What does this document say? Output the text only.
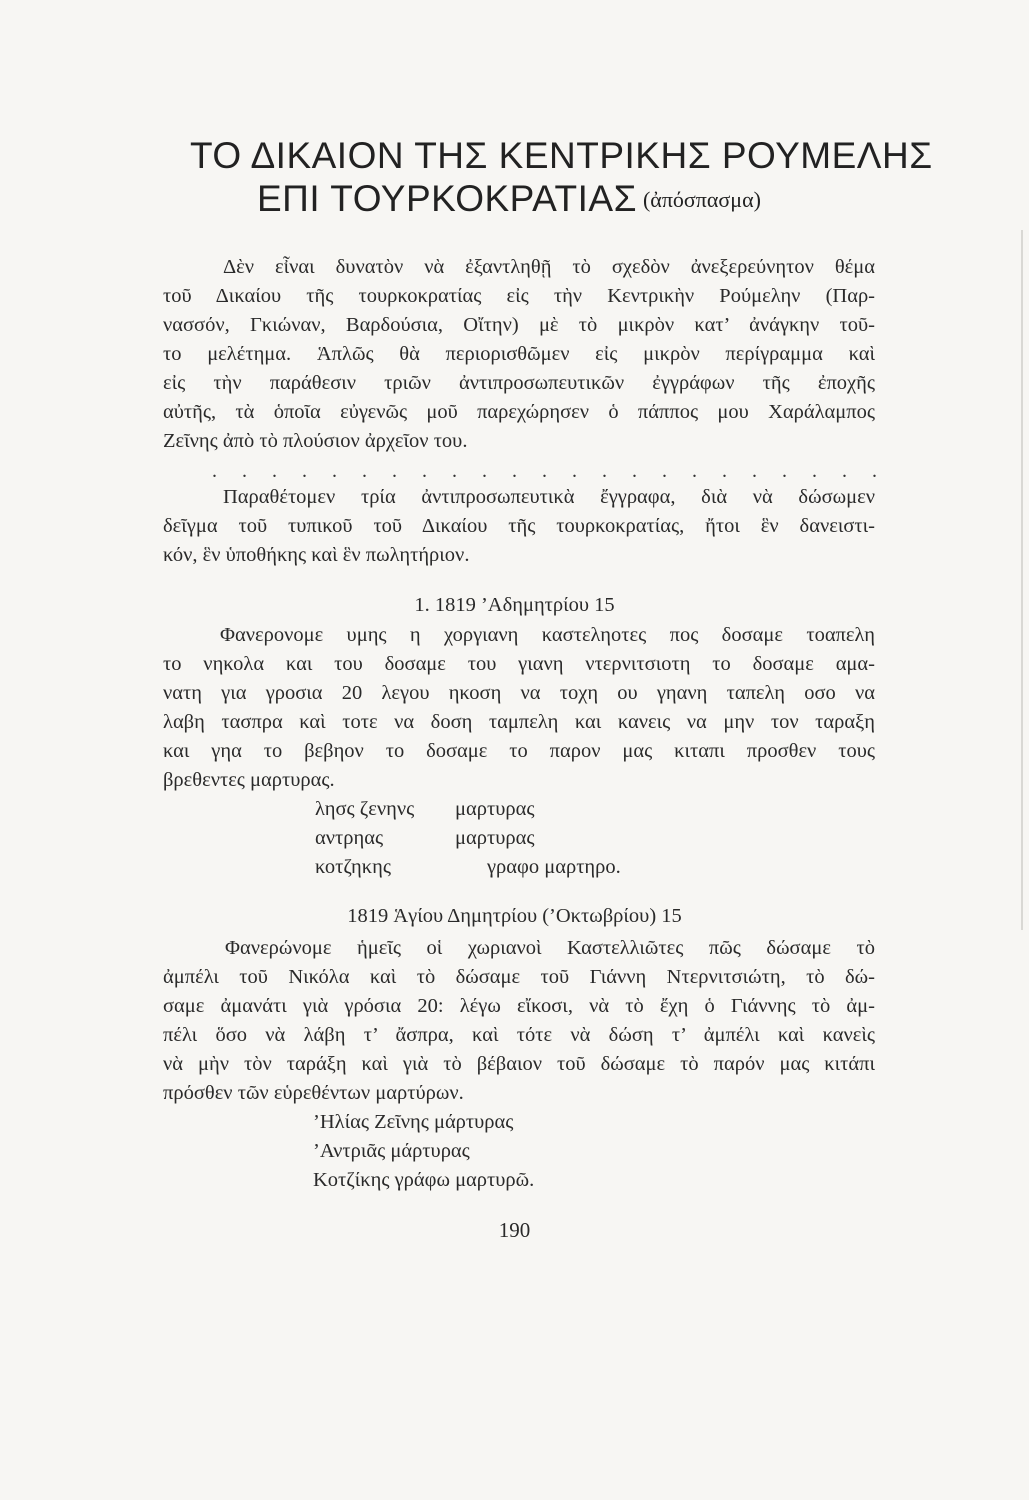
ΤΟ ΔΙΚΑΙΟΝ ΤΗΣ ΚΕΝΤΡΙΚΗΣ ΡΟΥΜΕΛΗΣ
ΕΠΙ ΤΟΥΡΚΟΚΡΑΤΙΑΣ (ἀπόσπασμα)
Δὲν εἶναι δυνατὸν νὰ ἐξαντληθῇ τὸ σχεδὸν ἀνεξερεύνητον θέμα
τοῦ Δικαίου τῆς τουρκοκρατίας εἰς τὴν Κεντρικὴν Ρούμελην (Παρ-
νασσόν, Γκιώναν, Βαρδούσια, Οἴτην) μὲ τὸ μικρὸν κατ’ ἀνάγκην τοῦ-
το μελέτημα. Ἁπλῶς θὰ περιορισθῶμεν εἰς μικρὸν περίγραμμα καὶ
εἰς τὴν παράθεσιν τριῶν ἀντιπροσωπευτικῶν ἐγγράφων τῆς ἐποχῆς
αὐτῆς, τὰ ὁποῖα εὐγενῶς μοῦ παρεχώρησεν ὁ πάππος μου Χαράλαμπος
Ζεῖνης ἀπὸ τὸ πλούσιον ἀρχεῖον του.
. . . . . . . . . . . . . . . . . . . . . . .
Παραθέτομεν τρία ἀντιπροσωπευτικὰ ἔγγραφα, διὰ νὰ δώσωμεν
δεῖγμα τοῦ τυπικοῦ τοῦ Δικαίου τῆς τουρκοκρατίας, ἤτοι ἓν δανειστι-
κόν, ἓν ὑποθήκης καὶ ἓν πωλητήριον.
1. 1819 ’Αδημητρίου 15
Φανερονομε υμης η χοργιανη καστεληοτες πος δοσαμε τοαπελη
το νηκολα και του δοσαμε του γιανη ντερνιτσιοτη το δοσαμε αμα-
νατη για γροσια 20 λεγου ηκοση να τοχη ου γηανη ταπελη οσο να
λαβη τασπρα καὶ τοτε να δοση ταμπελη και κανεις να μην τον ταραξη
και γηα το βεβηον το δοσαμε το παρον μας κιταπι προσθεν τους
βρεθεντες μαρτυρας.
λησς ζενηνς μαρτυρας
αντρηας	μαρτυρας
κοτζηκης	γραφο μαρτηρο.
1819 Ἁγίου Δημητρίου (’Οκτωβρίου) 15
Φανερώνομε ἡμεῖς οἱ χωριανοὶ Καστελλιῶτες πῶς δώσαμε τὸ
ἀμπέλι τοῦ Νικόλα καὶ τὸ δώσαμε τοῦ Γιάννη Ντερνιτσιώτη, τὸ δώ-
σαμε ἀμανάτι γιὰ γρόσια 20: λέγω εἴκοσι, νὰ τὸ ἔχη ὁ Γιάννης τὸ ἀμ-
πέλι ὅσο νὰ λάβη τ’ ἄσπρα, καὶ τότε νὰ δώση τ’ ἀμπέλι καὶ κανεὶς
νὰ μὴν τὸν ταράξη καὶ γιὰ τὸ βέβαιον τοῦ δώσαμε τὸ παρόν μας κιτάπι
πρόσθεν τῶν εὑρεθέντων μαρτύρων.
’Ηλίας Ζεῖνης μάρτυρας
’Αντριᾶς μάρτυρας
Κοτζίκης γράφω μαρτυρῶ.
190
